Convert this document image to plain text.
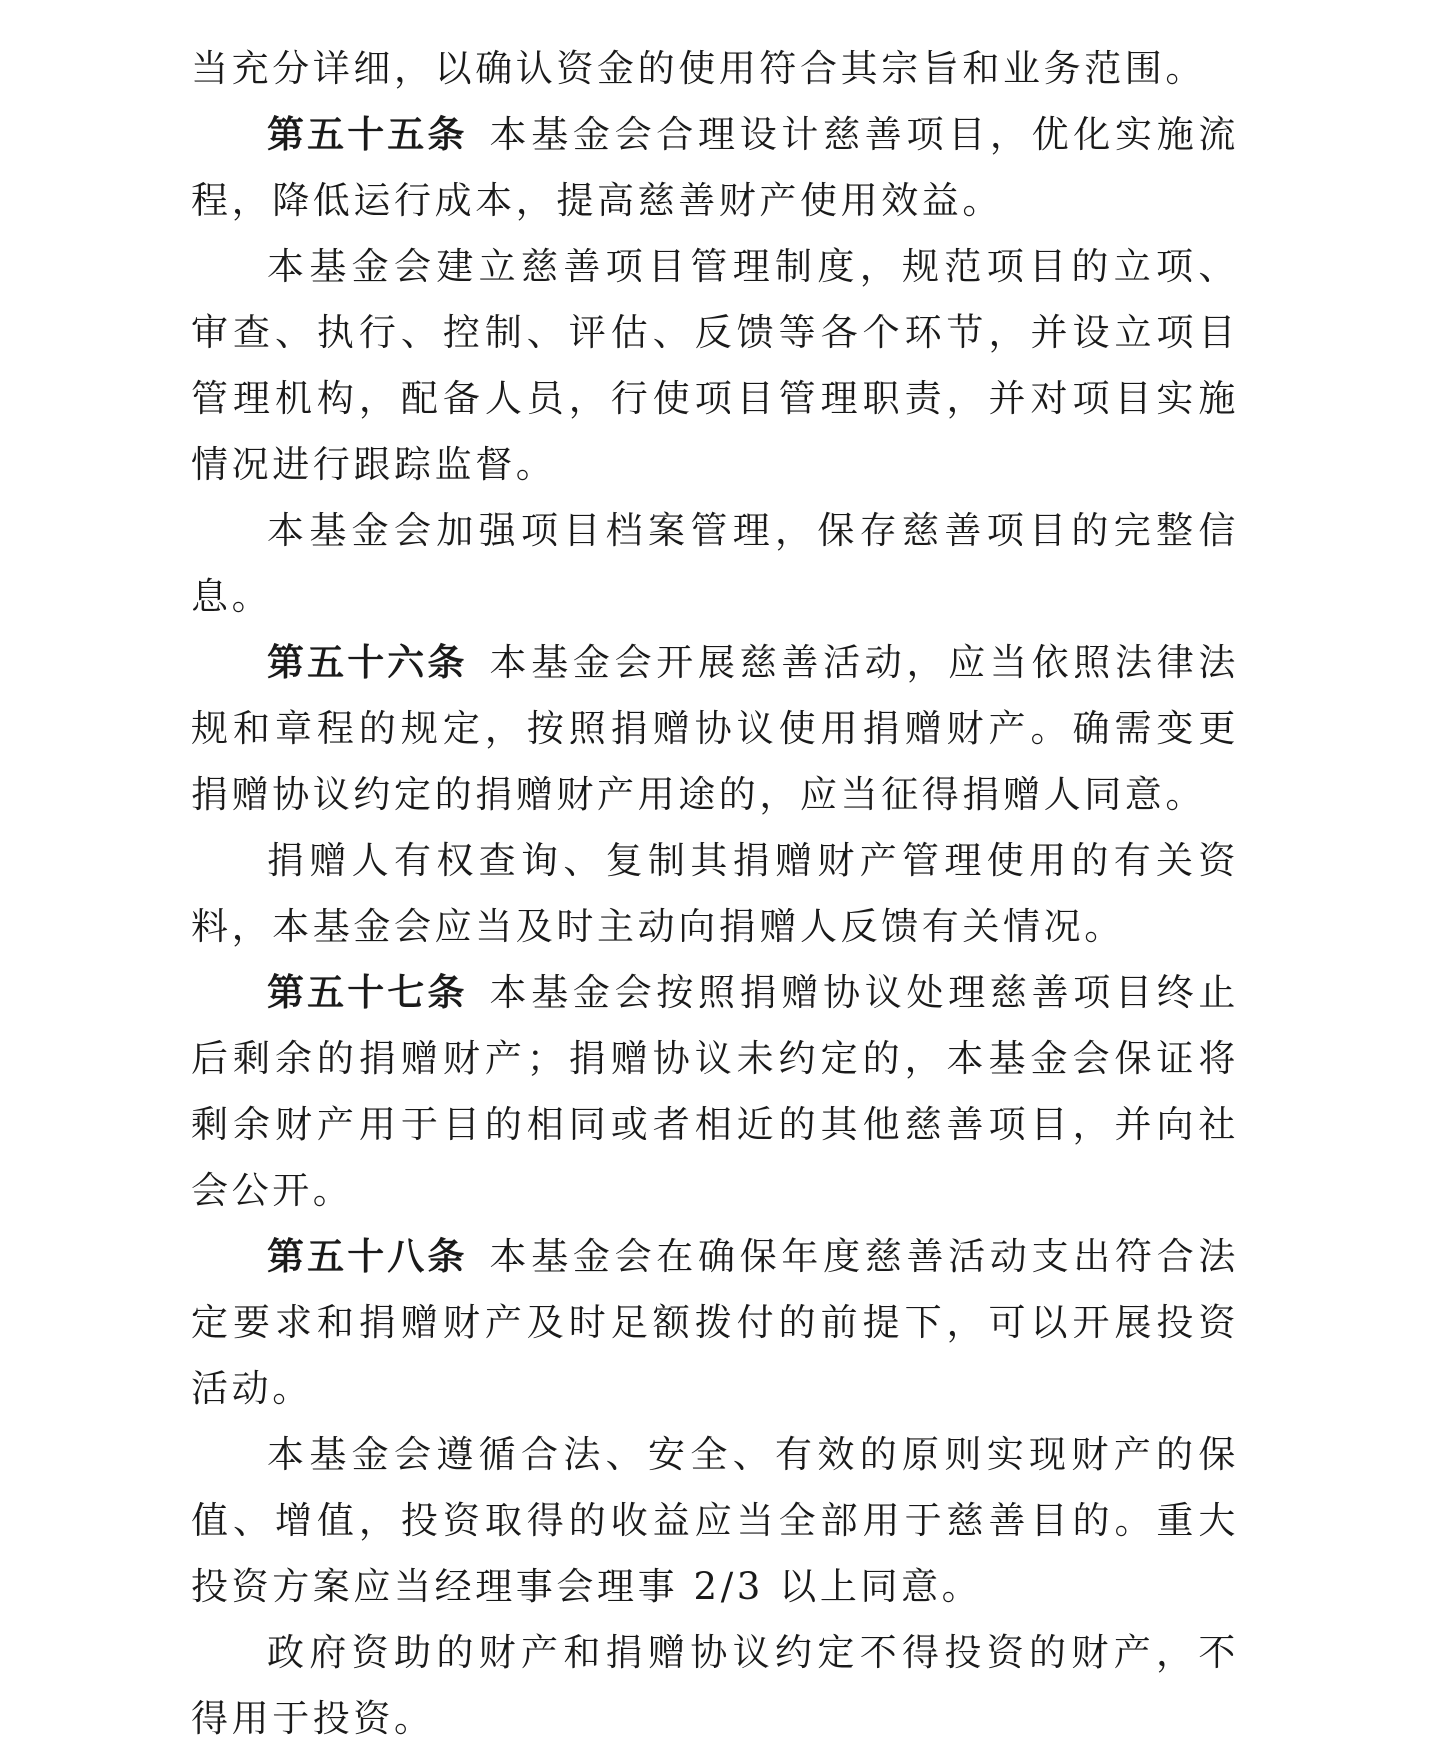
当充分详细，以确认资金的使用符合其宗旨和业务范围。

第五十五条 本基金会合理设计慈善项目，优化实施流程，降低运行成本，提高慈善财产使用效益。

本基金会建立慈善项目管理制度，规范项目的立项、审查、执行、控制、评估、反馈等各个环节，并设立项目管理机构，配备人员，行使项目管理职责，并对项目实施情况进行跟踪监督。

本基金会加强项目档案管理，保存慈善项目的完整信息。

第五十六条 本基金会开展慈善活动，应当依照法律法规和章程的规定，按照捐赠协议使用捐赠财产。确需变更捐赠协议约定的捐赠财产用途的，应当征得捐赠人同意。

捐赠人有权查询、复制其捐赠财产管理使用的有关资料，本基金会应当及时主动向捐赠人反馈有关情况。

第五十七条 本基金会按照捐赠协议处理慈善项目终止后剩余的捐赠财产；捐赠协议未约定的，本基金会保证将剩余财产用于目的相同或者相近的其他慈善项目，并向社会公开。

第五十八条 本基金会在确保年度慈善活动支出符合法定要求和捐赠财产及时足额拨付的前提下，可以开展投资活动。

本基金会遵循合法、安全、有效的原则实现财产的保值、增值，投资取得的收益应当全部用于慈善目的。重大投资方案应当经理事会理事 2/3 以上同意。

政府资助的财产和捐赠协议约定不得投资的财产，不得用于投资。
